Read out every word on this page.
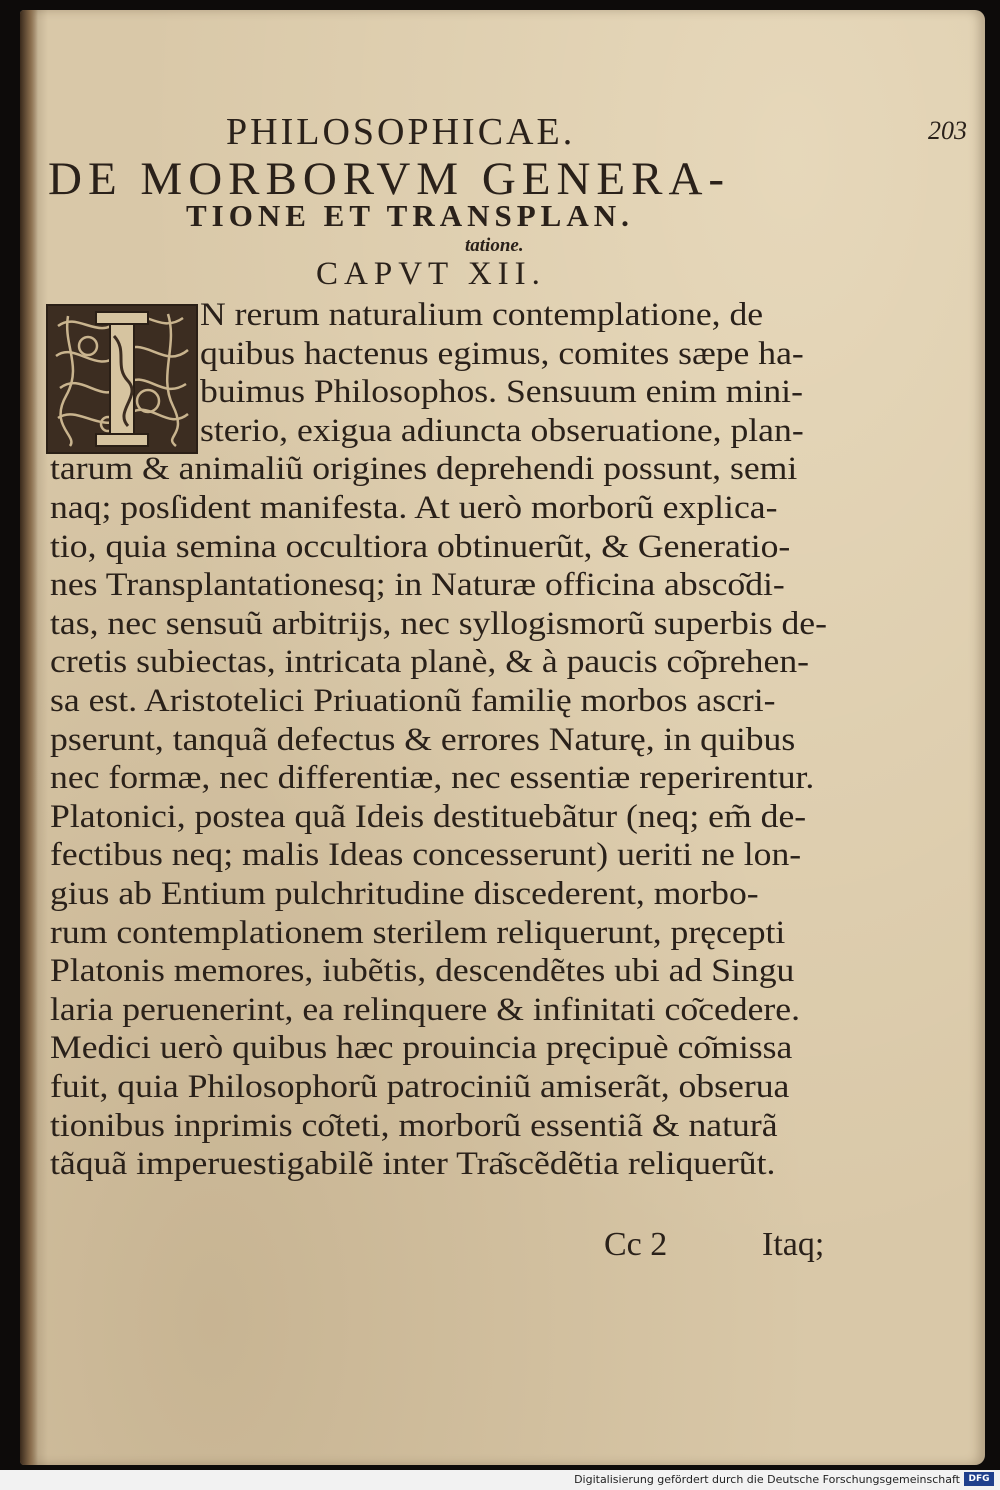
PHILOSOPHICAE.	203
DE MORBORVM GENERA-
TIONE ET TRANSPLAN.
tatione.
CAPVT XII.
N rerum naturalium contemplatione, de
quibus hactenus egimus, comites sæpe ha-
buimus Philosophos. Sensuum enim mini-
sterio, exigua adiuncta obseruatione, plan-
tarum & animaliũ origines deprehendi possunt, semi
naq; posſident manifesta. At uerò morborũ explica-
tio, quia semina occultiora obtinuerũt, & Generatio-
nes Transplantationesq; in Naturæ officina absco͂di-
tas, nec sensuũ arbitrijs, nec syllogismorũ superbis de-
cretis subiectas, intricata planè, & à paucis co͂prehen-
sa est. Aristotelici Priuationũ familię morbos ascri-
pserunt, tanquã defectus & errores Naturę, in quibus
nec formæ, nec differentiæ, nec essentiæ reperirentur.
Platonici, postea quã Ideis destituebãtur (neq; em̃ de-
fectibus neq; malis Ideas concesserunt) ueriti ne lon-
gius ab Entium pulchritudine discederent, morbo-
rum contemplationem sterilem reliquerunt, pręcepti
Platonis memores, iubẽtis, descendẽtes ubi ad Singu
laria peruenerint, ea relinquere & infinitati co͂cedere.
Medici uerò quibus hæc prouincia pręcipuè co͂missa
fuit, quia Philosophorũ patrociniũ amiserãt, obserua
tionibus inprimis co͂teti, morborũ essentiã & naturã
tãquã imperuestigabilẽ inter Tra͂scẽdẽtia reliquerũt.
Cc 2	Itaq;
Digitalisierung gefördert durch die Deutsche Forschungsgemeinschaft DFG
